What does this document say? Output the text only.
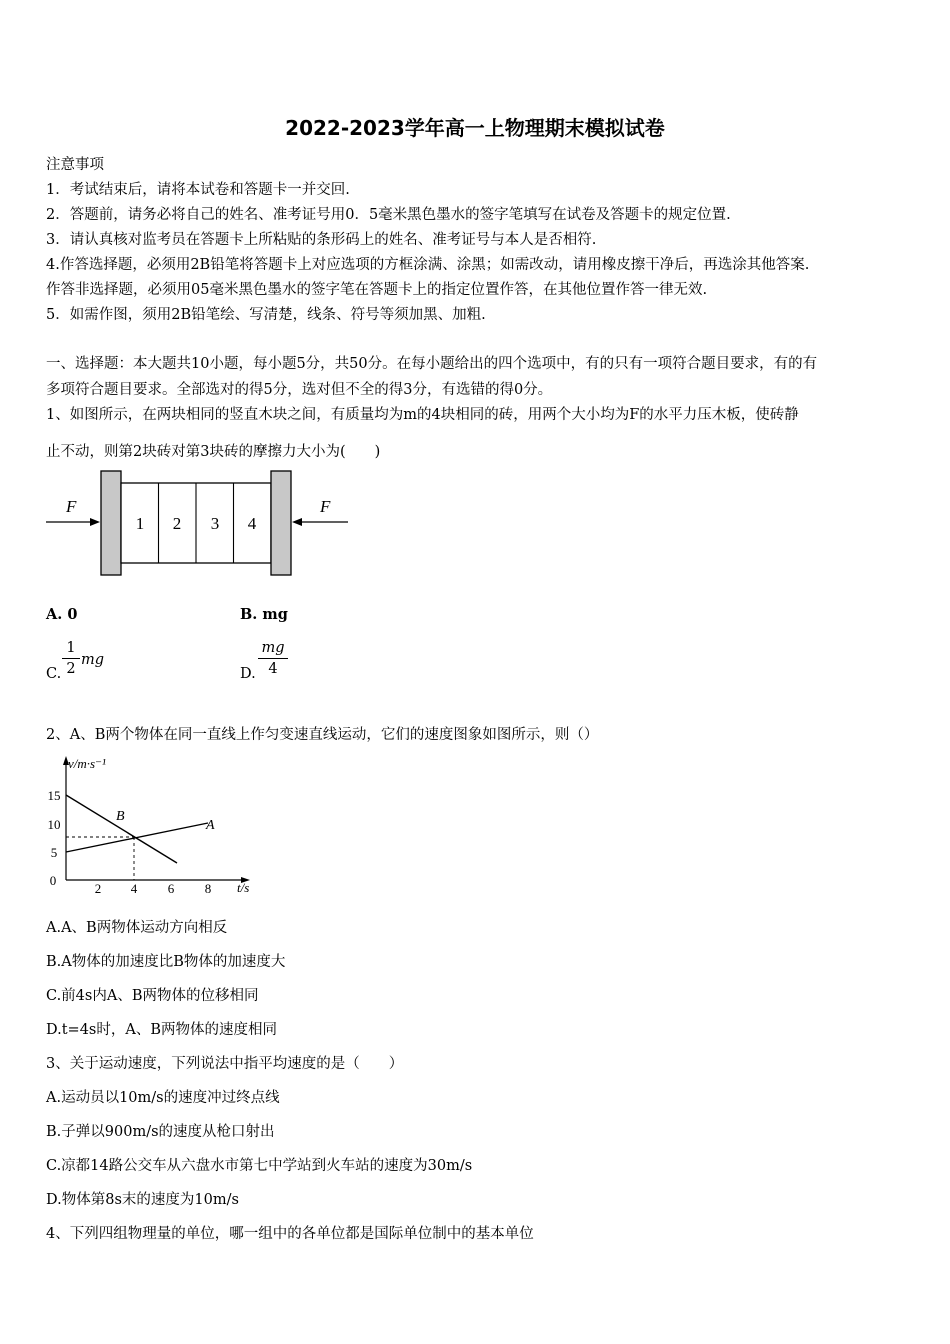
2022-2023学年高一上物理期末模拟试卷
注意事项
1．考试结束后，请将本试卷和答题卡一并交回.
2．答题前，请务必将自己的姓名、准考证号用0．5毫米黑色墨水的签字笔填写在试卷及答题卡的规定位置.
3．请认真核对监考员在答题卡上所粘贴的条形码上的姓名、准考证号与本人是否相符.
4.作答选择题，必须用2B铅笔将答题卡上对应选项的方框涂满、涂黑；如需改动，请用橡皮擦干净后，再选涂其他答案.
作答非选择题，必须用05毫米黑色墨水的签字笔在答题卡上的指定位置作答，在其他位置作答一律无效.
5．如需作图，须用2B铅笔绘、写清楚，线条、符号等须加黑、加粗.
一、选择题：本大题共10小题，每小题5分，共50分。在每小题给出的四个选项中，有的只有一项符合题目要求，有的有
多项符合题目要求。全部选对的得5分，选对但不全的得3分，有选错的得0分。
1、如图所示，在两块相同的竖直木块之间，有质量均为m的4块相同的砖，用两个大小均为F的水平力压木板，使砖静
止不动，则第2块砖对第3块砖的摩擦力大小为(　　)
F
1 2 3 4
F
A. 0	B. mg
C.
1
2
mg
D.
mg
4
2、A、B两个物体在同一直线上作匀变速直线运动，它们的速度图象如图所示，则（）
v/m·s⁻¹
t/s
0
15
10
5
2 4 6 8
B
A
A.A、B两物体运动方向相反
B.A物体的加速度比B物体的加速度大
C.前4s内A、B两物体的位移相同
D.t=4s时，A、B两物体的速度相同
3、关于运动速度，下列说法中指平均速度的是（　　）
A.运动员以10m/s的速度冲过终点线
B.子弹以900m/s的速度从枪口射出
C.凉都14路公交车从六盘水市第七中学站到火车站的速度为30m/s
D.物体第8s末的速度为10m/s
4、下列四组物理量的单位，哪一组中的各单位都是国际单位制中的基本单位
